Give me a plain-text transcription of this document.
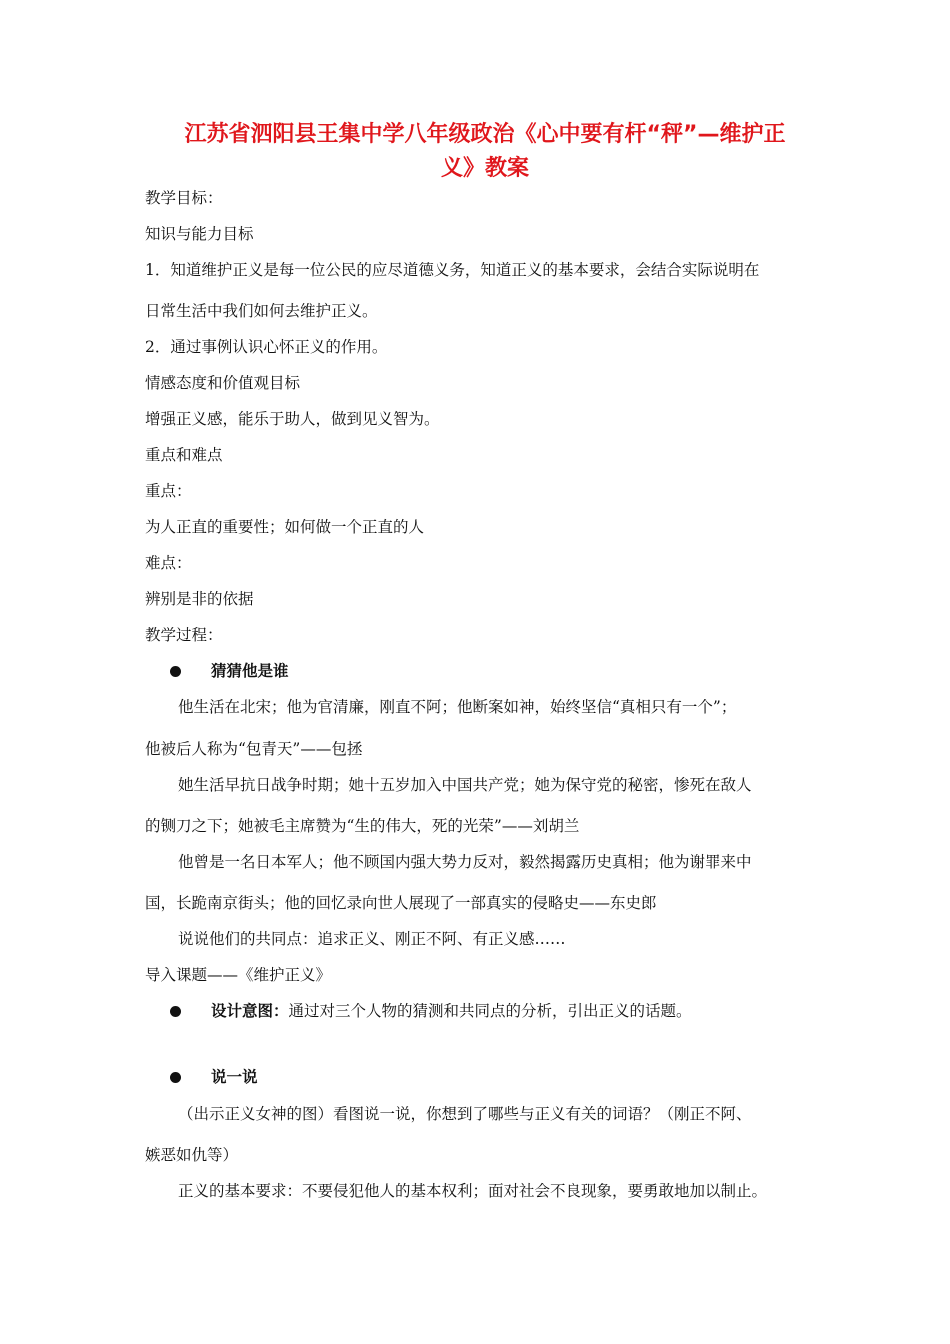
江苏省泗阳县王集中学八年级政治《心中要有杆“秤”—维护正
义》教案
教学目标：
知识与能力目标
1．知道维护正义是每一位公民的应尽道德义务，知道正义的基本要求，会结合实际说明在
日常生活中我们如何去维护正义。
2．通过事例认识心怀正义的作用。
情感态度和价值观目标
增强正义感，能乐于助人，做到见义智为。
重点和难点
重点：
为人正直的重要性；如何做一个正直的人
难点：
辨别是非的依据
教学过程：
猜猜他是谁
他生活在北宋；他为官清廉，刚直不阿；他断案如神，始终坚信“真相只有一个”；
他被后人称为“包青天”——包拯
她生活早抗日战争时期；她十五岁加入中国共产党；她为保守党的秘密，惨死在敌人
的铡刀之下；她被毛主席赞为“生的伟大，死的光荣”——刘胡兰
他曾是一名日本军人；他不顾国内强大势力反对，毅然揭露历史真相；他为谢罪来中
国，长跪南京街头；他的回忆录向世人展现了一部真实的侵略史——东史郎
说说他们的共同点：追求正义、刚正不阿、有正义感……
导入课题——《维护正义》
设计意图：通过对三个人物的猜测和共同点的分析，引出正义的话题。
说一说
（出示正义女神的图）看图说一说，你想到了哪些与正义有关的词语？（刚正不阿、
嫉恶如仇等）
正义的基本要求：不要侵犯他人的基本权利；面对社会不良现象，要勇敢地加以制止。
